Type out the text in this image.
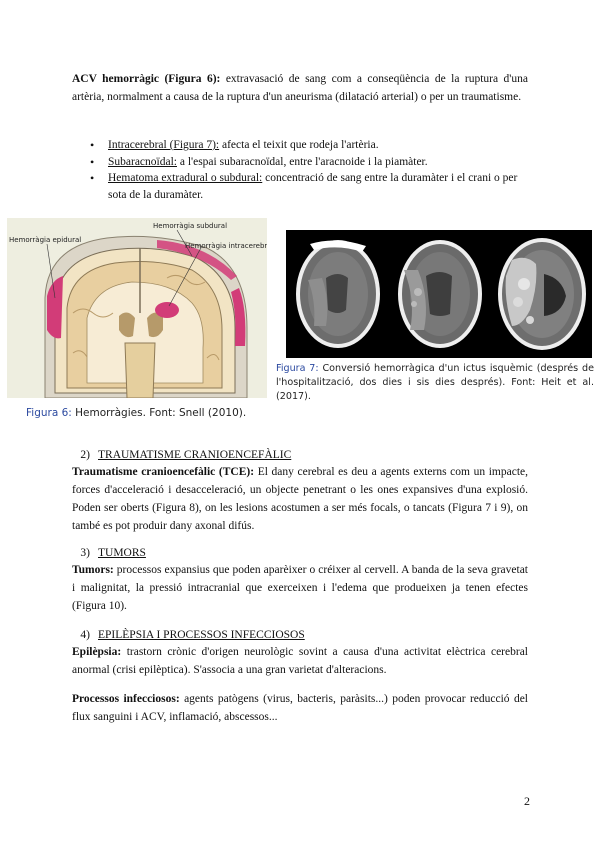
ACV hemorràgic (Figura 6): extravasació de sang com a conseqüència de la ruptura d'una artèria, normalment a causa de la ruptura d'un aneurisma (dilatació arterial) o per un traumatisme.
• Intracerebral (Figura 7): afecta el teixit que rodeja l'artèria.
• Subaracnoïdal: a l'espai subaracnoïdal, entre l'aracnoide i la piamàter.
• Hematoma extradural o subdural: concentració de sang entre la duramàter i el crani o per sota de la duramàter.
Hemorràgia epidural
Hemorràgia subdural
Hemorràgia intracerebral
Figura 7: Conversió hemorràgica d'un ictus isquèmic (després de l'hospitalització, dos dies i sis dies després). Font: Heit et al. (2017).
Figura 6: Hemorràgies. Font: Snell (2010).
2) TRAUMATISME CRANIOENCEFÀLIC
Traumatisme cranioencefàlic (TCE): El dany cerebral es deu a agents externs com un impacte, forces d'acceleració i desacceleració, un objecte penetrant o les ones expansives d'una explosió. Poden ser oberts (Figura 8), on les lesions acostumen a ser més focals, o tancats (Figura 7 i 9), on també es pot produir dany axonal difús.
3) TUMORS
Tumors: processos expansius que poden aparèixer o créixer al cervell. A banda de la seva gravetat i malignitat, la pressió intracranial que exerceixen i l'edema que produeixen ja tenen efectes (Figura 10).
4) EPILÈPSIA I PROCESSOS INFECCIOSOS
Epilèpsia: trastorn crònic d'origen neurològic sovint a causa d'una activitat elèctrica cerebral anormal (crisi epilèptica). S'associa a una gran varietat d'alteracions.
Processos infecciosos: agents patògens (virus, bacteris, paràsits...) poden provocar reducció del flux sanguini i ACV, inflamació, abscessos...
2
